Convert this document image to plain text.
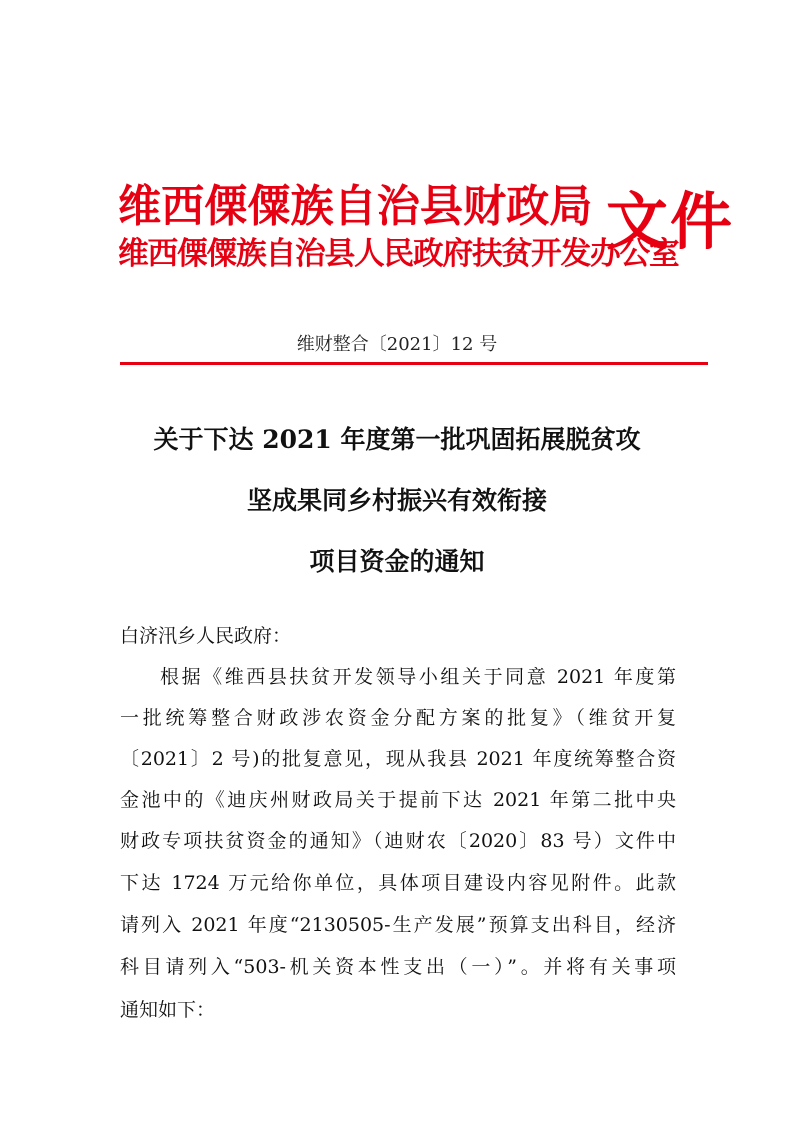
维西傈僳族自治县财政局
维西傈僳族自治县人民政府扶贫开发办公室
文件
维财整合〔2021〕12 号
关于下达 2021 年度第一批巩固拓展脱贫攻
坚成果同乡村振兴有效衔接
项目资金的通知
白济汛乡人民政府：
根据《维西县扶贫开发领导小组关于同意 2021 年度第
一批统筹整合财政涉农资金分配方案的批复》（维贫开复
〔2021〕2 号)的批复意见，现从我县 2021 年度统筹整合资
金池中的《迪庆州财政局关于提前下达 2021 年第二批中央
财政专项扶贫资金的通知》（迪财农〔2020〕83 号）文件中
下达 1724 万元给你单位，具体项目建设内容见附件。此款
请列入 2021 年度“2130505-生产发展”预算支出科目，经济
科目请列入“503-机关资本性支出（一）”。并将有关事项
通知如下：
